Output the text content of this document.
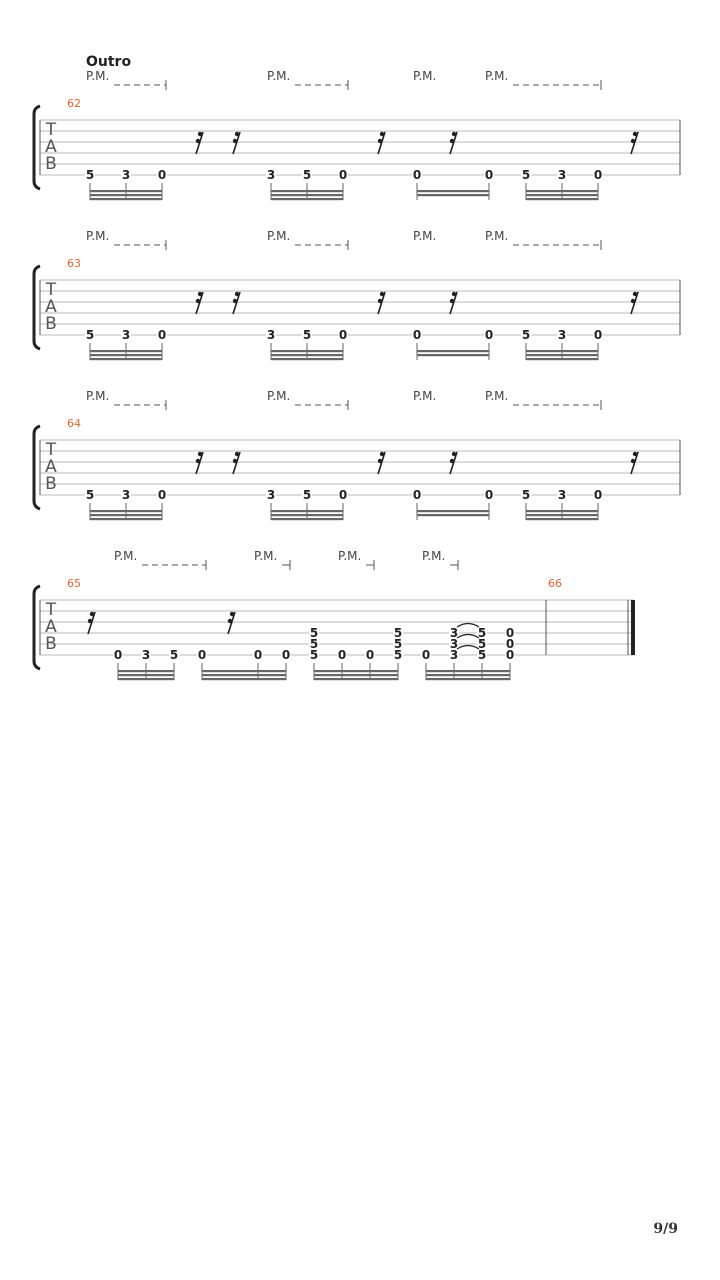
Outro
T
A
B
62
P.M.	P.M.	P.M.	P.M.
5 3 0	3 5 0	0	0 5 3 0
T
A
B
63
P.M.	P.M.	P.M.	P.M.
5 3 0	3 5 0	0	0 5 3 0
T
A
B
64
P.M.	P.M.	P.M.	P.M.
5 3 0	3 5 0	0	0 5 3 0
T
A
B
65	66
P.M.	P.M.	P.M.	P.M.
0 3 5 0	0 0
5
5
5 0 0
5
5
5 0
3
3
3
5
5
5
0
0
0
9/9
